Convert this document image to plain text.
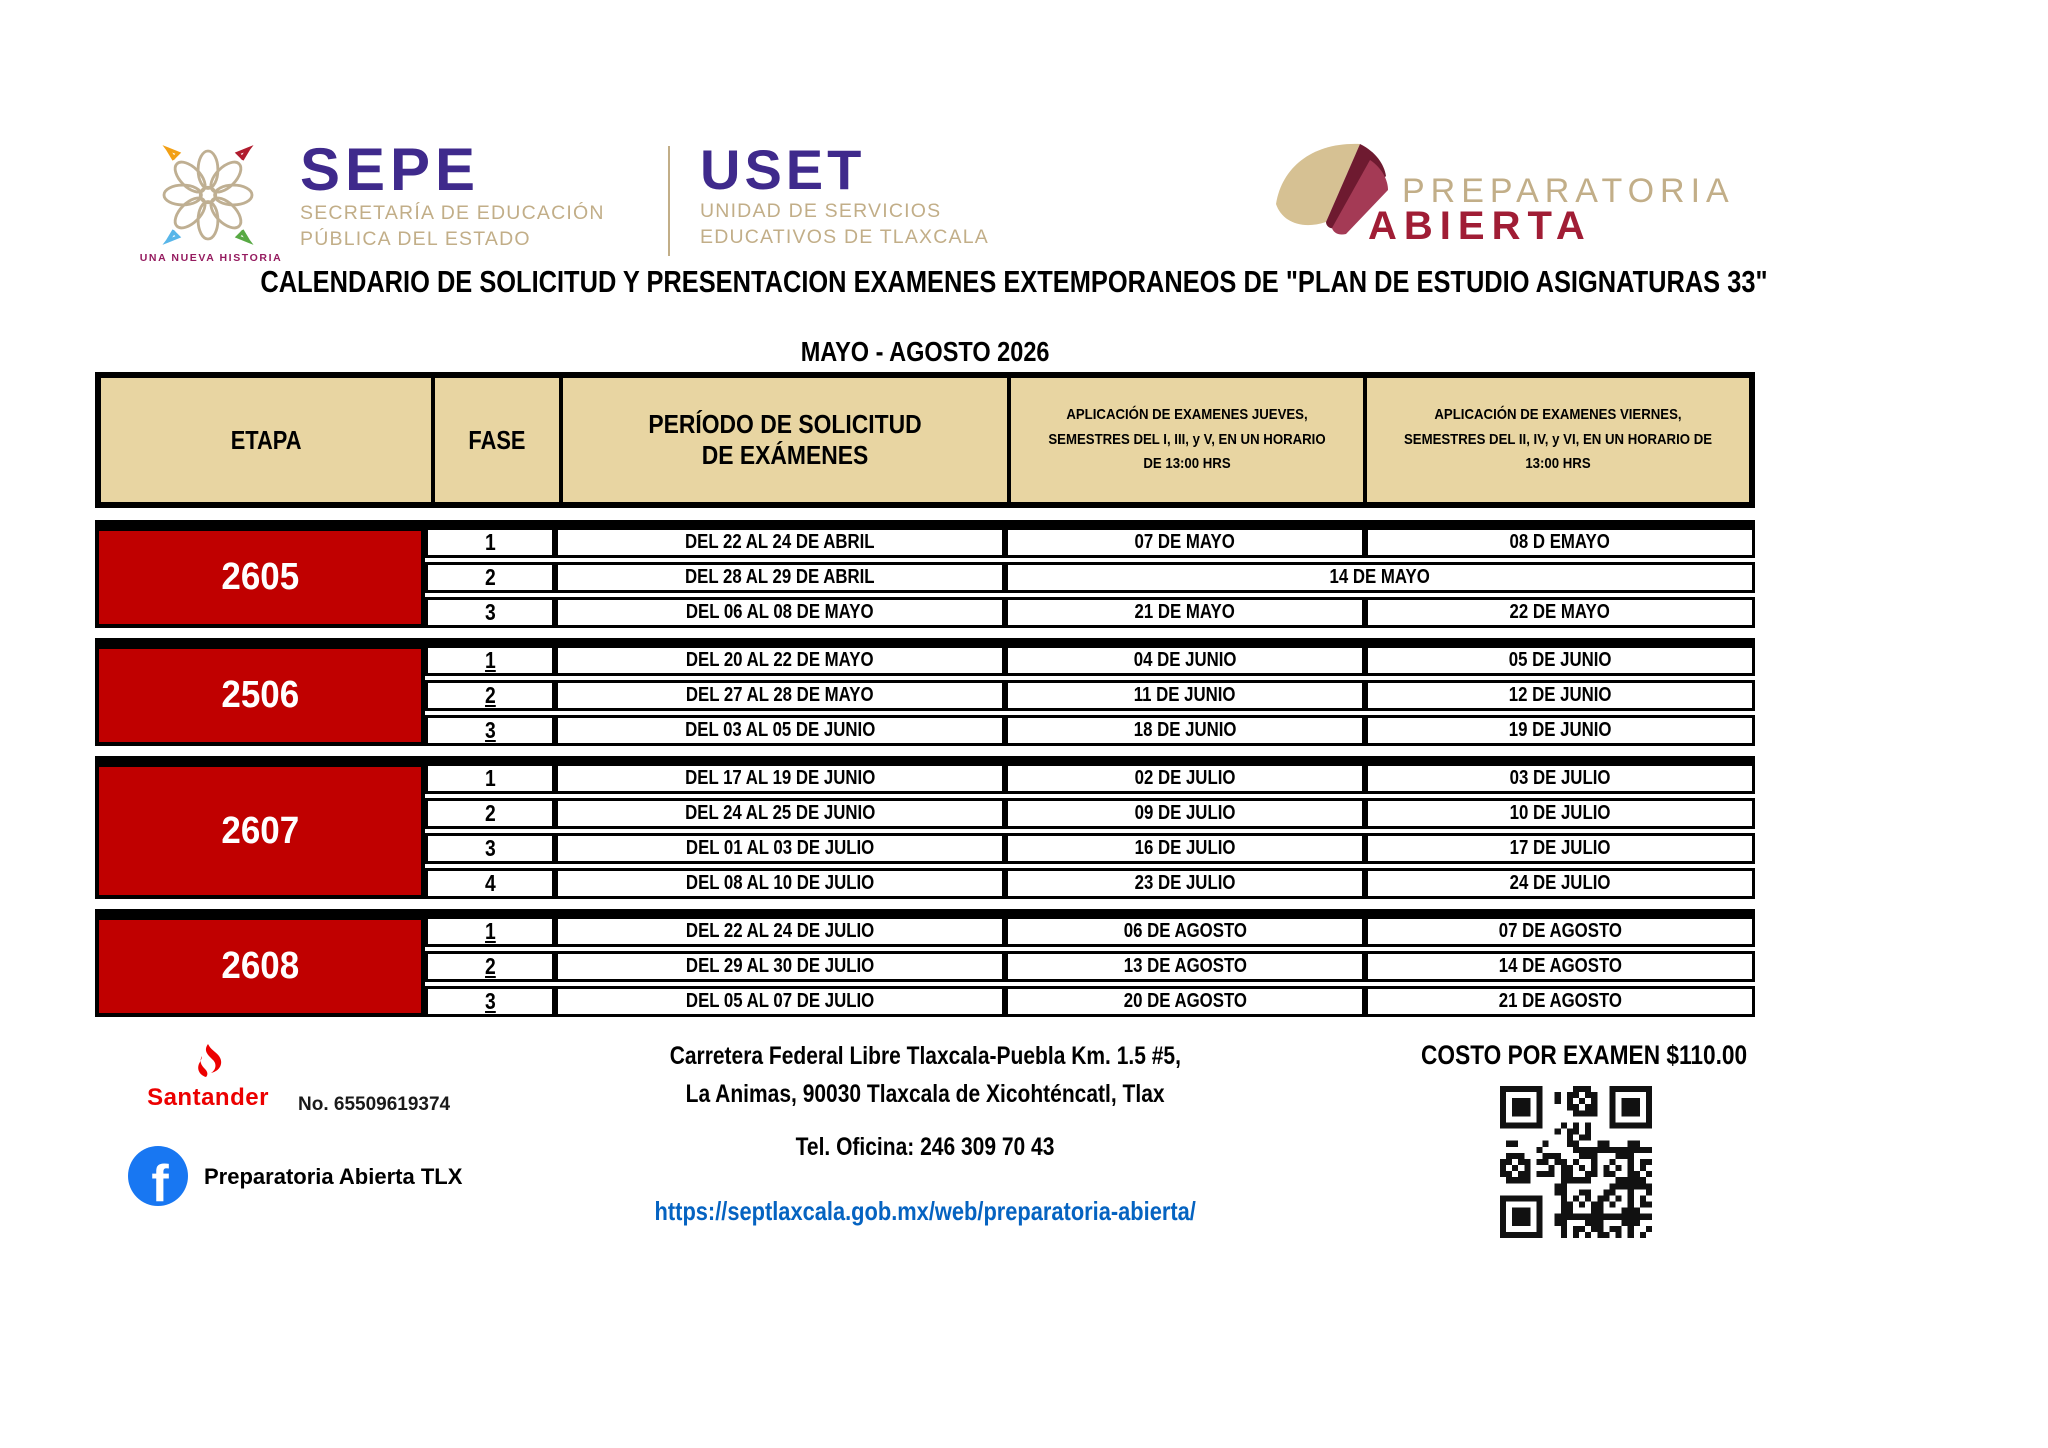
UNA NUEVA HISTORIA
SEPE
SECRETARÍA DE EDUCACIÓN
PÚBLICA DEL ESTADO
USET
UNIDAD DE SERVICIOS
EDUCATIVOS DE TLAXCALA
PREPARATORIA
ABIERTA
CALENDARIO DE SOLICITUD Y PRESENTACION EXAMENES EXTEMPORANEOS DE "PLAN DE ESTUDIO ASIGNATURAS 33"
MAYO - AGOSTO 2026
ETAPA	FASE
PERÍODO DE SOLICITUD DE EXÁMENES
APLICACIÓN DE EXAMENES JUEVES, SEMESTRES DEL I, III, y V, EN UN HORARIO DE 13:00 HRS
APLICACIÓN DE EXAMENES VIERNES, SEMESTRES DEL II, IV, y VI, EN UN HORARIO DE 13:00 HRS
2605
1	DEL 22 AL 24 DE ABRIL	07 DE MAYO	08 D EMAYO
2	DEL 28 AL 29 DE ABRIL	14 DE MAYO
3	DEL 06 AL 08 DE MAYO	21 DE MAYO	22 DE MAYO
2506
1	DEL 20 AL 22 DE MAYO	04 DE JUNIO	05 DE JUNIO
2	DEL 27 AL 28 DE MAYO	11 DE JUNIO	12 DE JUNIO
3	DEL 03 AL 05 DE JUNIO	18 DE JUNIO	19 DE JUNIO
2607
1	DEL 17 AL 19 DE JUNIO	02 DE JULIO	03 DE JULIO
2	DEL 24 AL 25 DE JUNIO	09 DE JULIO	10 DE JULIO
3	DEL 01 AL 03 DE JULIO	16 DE JULIO	17 DE JULIO
4	DEL 08 AL 10 DE JULIO	23 DE JULIO	24 DE JULIO
2608
1	DEL 22 AL 24 DE JULIO	06 DE AGOSTO	07 DE AGOSTO
2	DEL 29 AL 30 DE JULIO	13 DE AGOSTO	14 DE AGOSTO
3	DEL 05 AL 07 DE JULIO	20 DE AGOSTO	21 DE AGOSTO
Santander	No. 65509619374
f Preparatoria Abierta TLX
Carretera Federal Libre Tlaxcala-Puebla Km. 1.5 #5,
La Animas, 90030 Tlaxcala de Xicohténcatl, Tlax
Tel. Oficina: 246 309 70 43
https://septlaxcala.gob.mx/web/preparatoria-abierta/
COSTO POR EXAMEN $110.00
